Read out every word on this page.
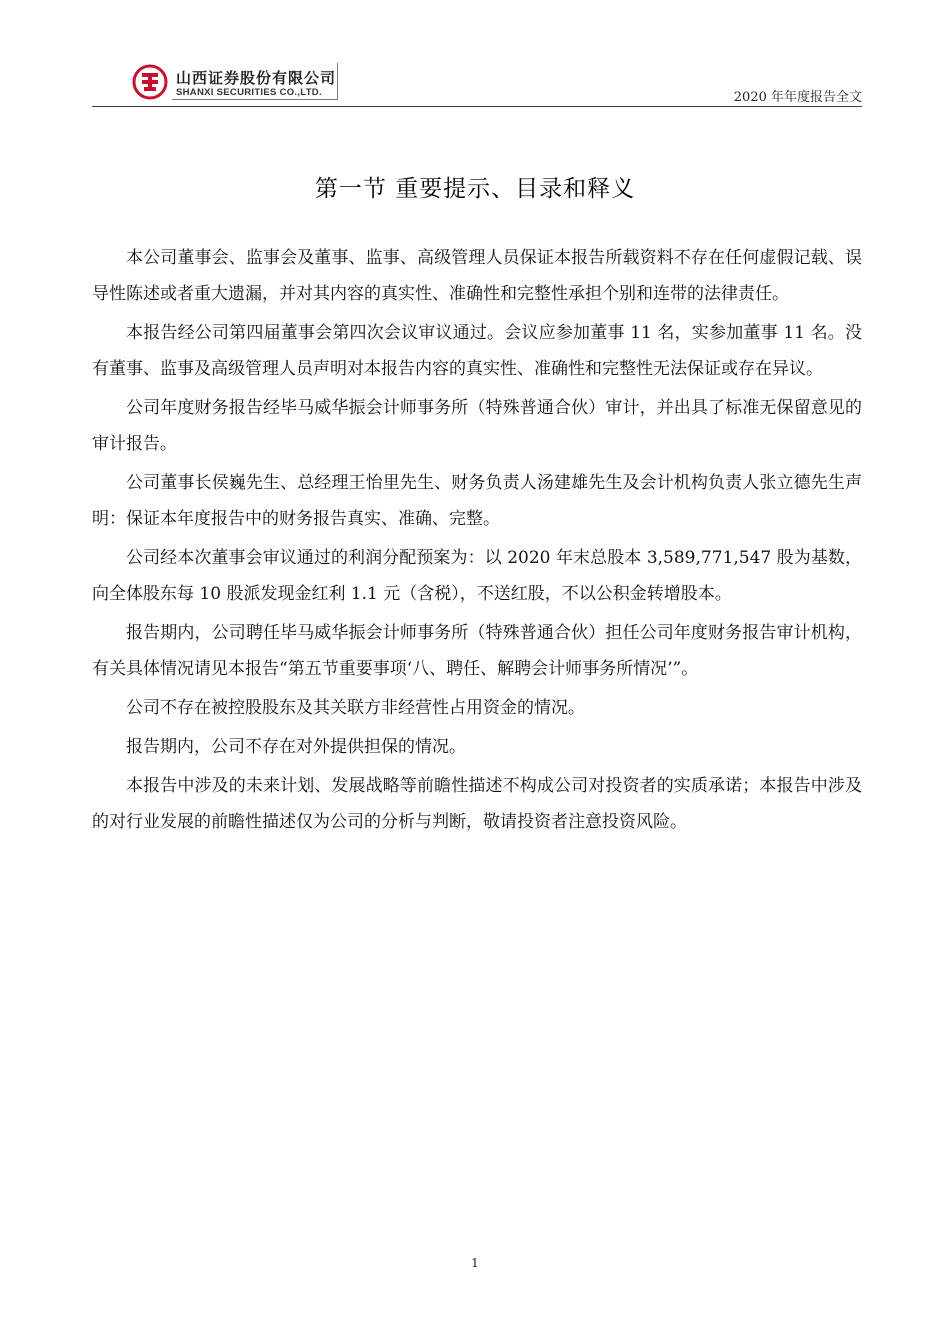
山西证券股份有限公司
SHANXI SECURITIES CO.,LTD.	2020 年年度报告全文
第一节 重要提示、目录和释义

本公司董事会、监事会及董事、监事、高级管理人员保证本报告所载资料不存在任何虚假记载、误导性陈述或者重大遗漏，并对其内容的真实性、准确性和完整性承担个别和连带的法律责任。

本报告经公司第四届董事会第四次会议审议通过。会议应参加董事 11 名，实参加董事 11 名。没有董事、监事及高级管理人员声明对本报告内容的真实性、准确性和完整性无法保证或存在异议。

公司年度财务报告经毕马威华振会计师事务所（特殊普通合伙）审计，并出具了标准无保留意见的审计报告。

公司董事长侯巍先生、总经理王怡里先生、财务负责人汤建雄先生及会计机构负责人张立德先生声明：保证本年度报告中的财务报告真实、准确、完整。

公司经本次董事会审议通过的利润分配预案为：以 2020 年末总股本 3,589,771,547 股为基数，向全体股东每 10 股派发现金红利 1.1 元（含税），不送红股，不以公积金转增股本。

报告期内，公司聘任毕马威华振会计师事务所（特殊普通合伙）担任公司年度财务报告审计机构，有关具体情况请见本报告“第五节重要事项‘八、聘任、解聘会计师事务所情况’”。

公司不存在被控股股东及其关联方非经营性占用资金的情况。

报告期内，公司不存在对外提供担保的情况。

本报告中涉及的未来计划、发展战略等前瞻性描述不构成公司对投资者的实质承诺；本报告中涉及的对行业发展的前瞻性描述仅为公司的分析与判断，敬请投资者注意投资风险。

1
